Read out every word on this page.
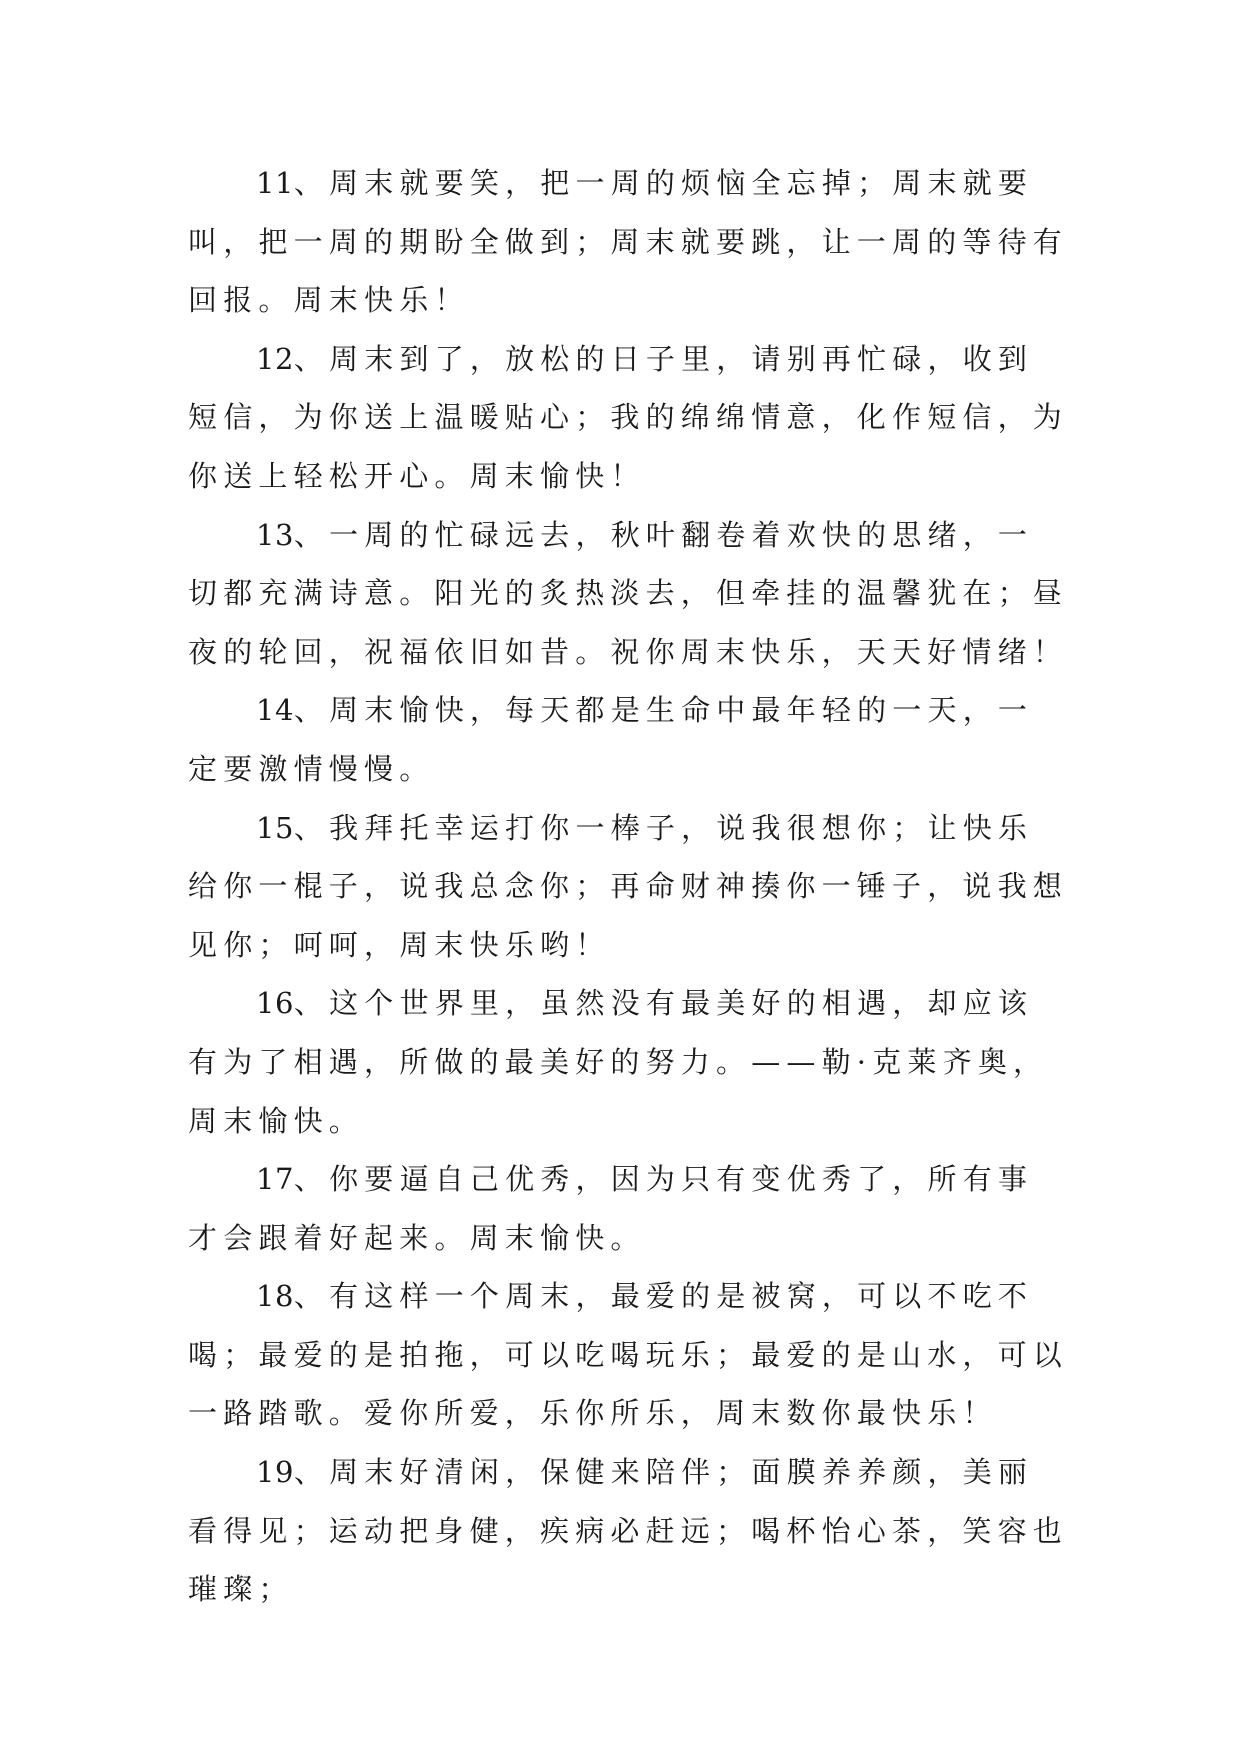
11、周末就要笑，把一周的烦恼全忘掉；周末就要叫，把一周的期盼全做到；周末就要跳，让一周的等待有回报。周末快乐！

12、周末到了，放松的日子里，请别再忙碌，收到短信，为你送上温暖贴心；我的绵绵情意，化作短信，为你送上轻松开心。周末愉快！

13、一周的忙碌远去，秋叶翻卷着欢快的思绪，一切都充满诗意。阳光的炙热淡去，但牵挂的温馨犹在；昼夜的轮回，祝福依旧如昔。祝你周末快乐，天天好情绪！

14、周末愉快，每天都是生命中最年轻的一天，一定要激情慢慢。

15、我拜托幸运打你一棒子，说我很想你；让快乐给你一棍子，说我总念你；再命财神揍你一锤子，说我想见你；呵呵，周末快乐哟！

16、这个世界里，虽然没有最美好的相遇，却应该有为了相遇，所做的最美好的努力。——勒·克莱齐奥，周末愉快。

17、你要逼自己优秀，因为只有变优秀了，所有事才会跟着好起来。周末愉快。

18、有这样一个周末，最爱的是被窝，可以不吃不喝；最爱的是拍拖，可以吃喝玩乐；最爱的是山水，可以一路踏歌。爱你所爱，乐你所乐，周末数你最快乐！

19、周末好清闲，保健来陪伴；面膜养养颜，美丽看得见；运动把身健，疾病必赶远；喝杯怡心茶，笑容也璀璨；
